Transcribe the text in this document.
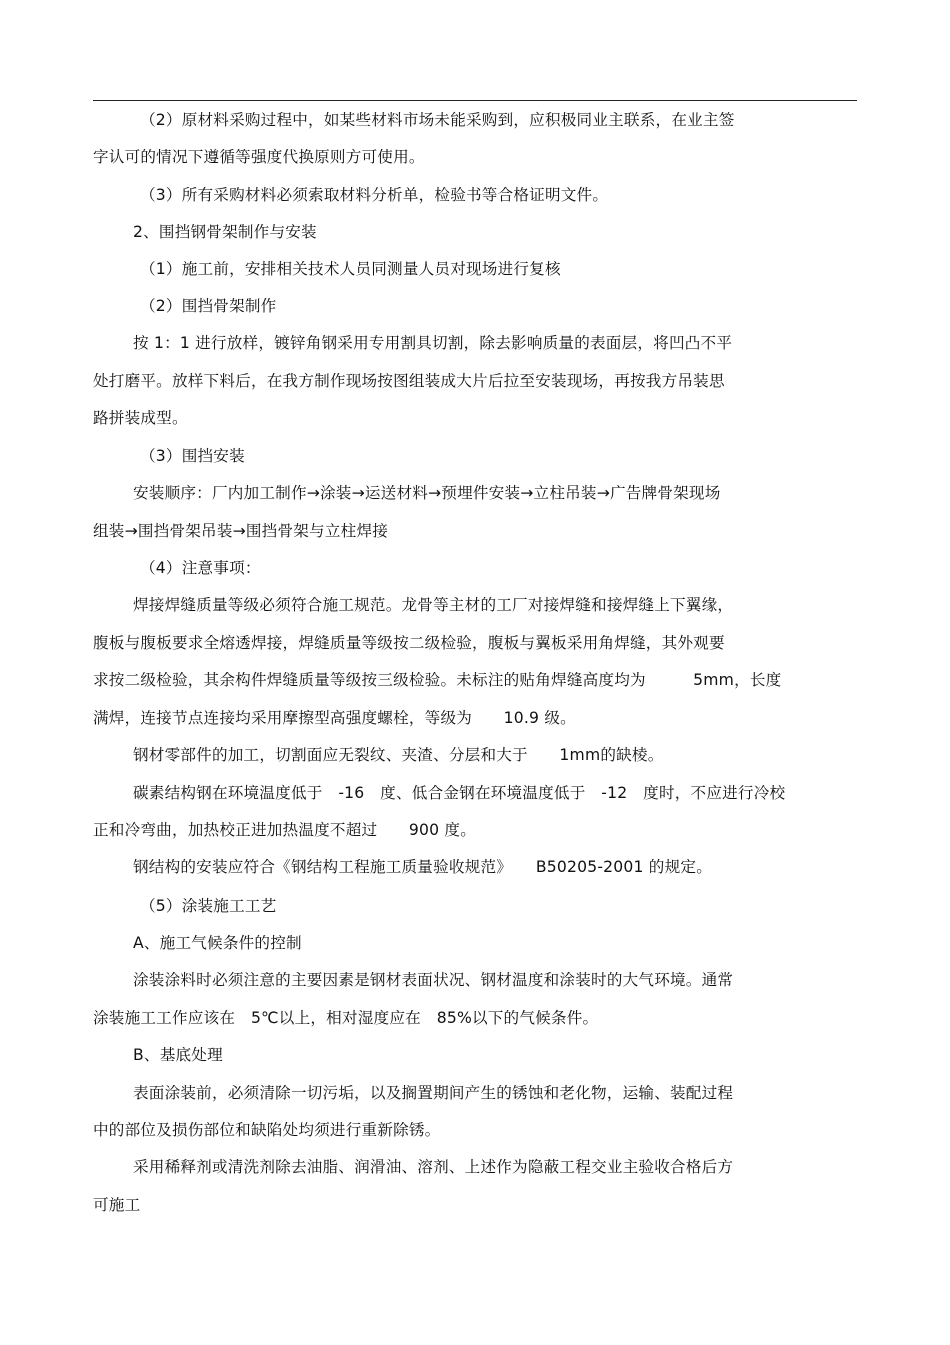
（2）原材料采购过程中，如某些材料市场未能采购到，应积极同业主联系，在业主签
字认可的情况下遵循等强度代换原则方可使用。
（3）所有采购材料必须索取材料分析单，检验书等合格证明文件。
2、围挡钢骨架制作与安装
（1）施工前，安排相关技术人员同测量人员对现场进行复核
（2）围挡骨架制作
按 1：1 进行放样，镀锌角钢采用专用割具切割，除去影响质量的表面层，将凹凸不平
处打磨平。放样下料后，在我方制作现场按图组装成大片后拉至安装现场，再按我方吊装思
路拼装成型。
（3）围挡安装
安装顺序：厂内加工制作→涂装→运送材料→预埋件安装→立柱吊装→广告牌骨架现场
组装→围挡骨架吊装→围挡骨架与立柱焊接
（4）注意事项：
焊接焊缝质量等级必须符合施工规范。龙骨等主材的工厂对接焊缝和接焊缝上下翼缘，
腹板与腹板要求全熔透焊接，焊缝质量等级按二级检验，腹板与翼板采用角焊缝，其外观要
求按二级检验，其余构件焊缝质量等级按三级检验。未标注的贴角焊缝高度均为　　　5mm，长度
满焊，连接节点连接均采用摩擦型高强度螺栓，等级为　　10.9 级。
钢材零部件的加工，切割面应无裂纹、夹渣、分层和大于　　1mm的缺棱。
碳素结构钢在环境温度低于　-16　度、低合金钢在环境温度低于　-12　度时，不应进行冷校
正和冷弯曲，加热校正进加热温度不超过　　900 度。
钢结构的安装应符合《钢结构工程施工质量验收规范》　　B50205-2001 的规定。
（5）涂装施工工艺
A、施工气候条件的控制
涂装涂料时必须注意的主要因素是钢材表面状况、钢材温度和涂装时的大气环境。通常
涂装施工工作应该在　5℃以上，相对湿度应在　85%以下的气候条件。
B、基底处理
表面涂装前，必须清除一切污垢，以及搁置期间产生的锈蚀和老化物，运输、装配过程
中的部位及损伤部位和缺陷处均须进行重新除锈。
采用稀释剂或清洗剂除去油脂、润滑油、溶剂、上述作为隐蔽工程交业主验收合格后方
可施工
